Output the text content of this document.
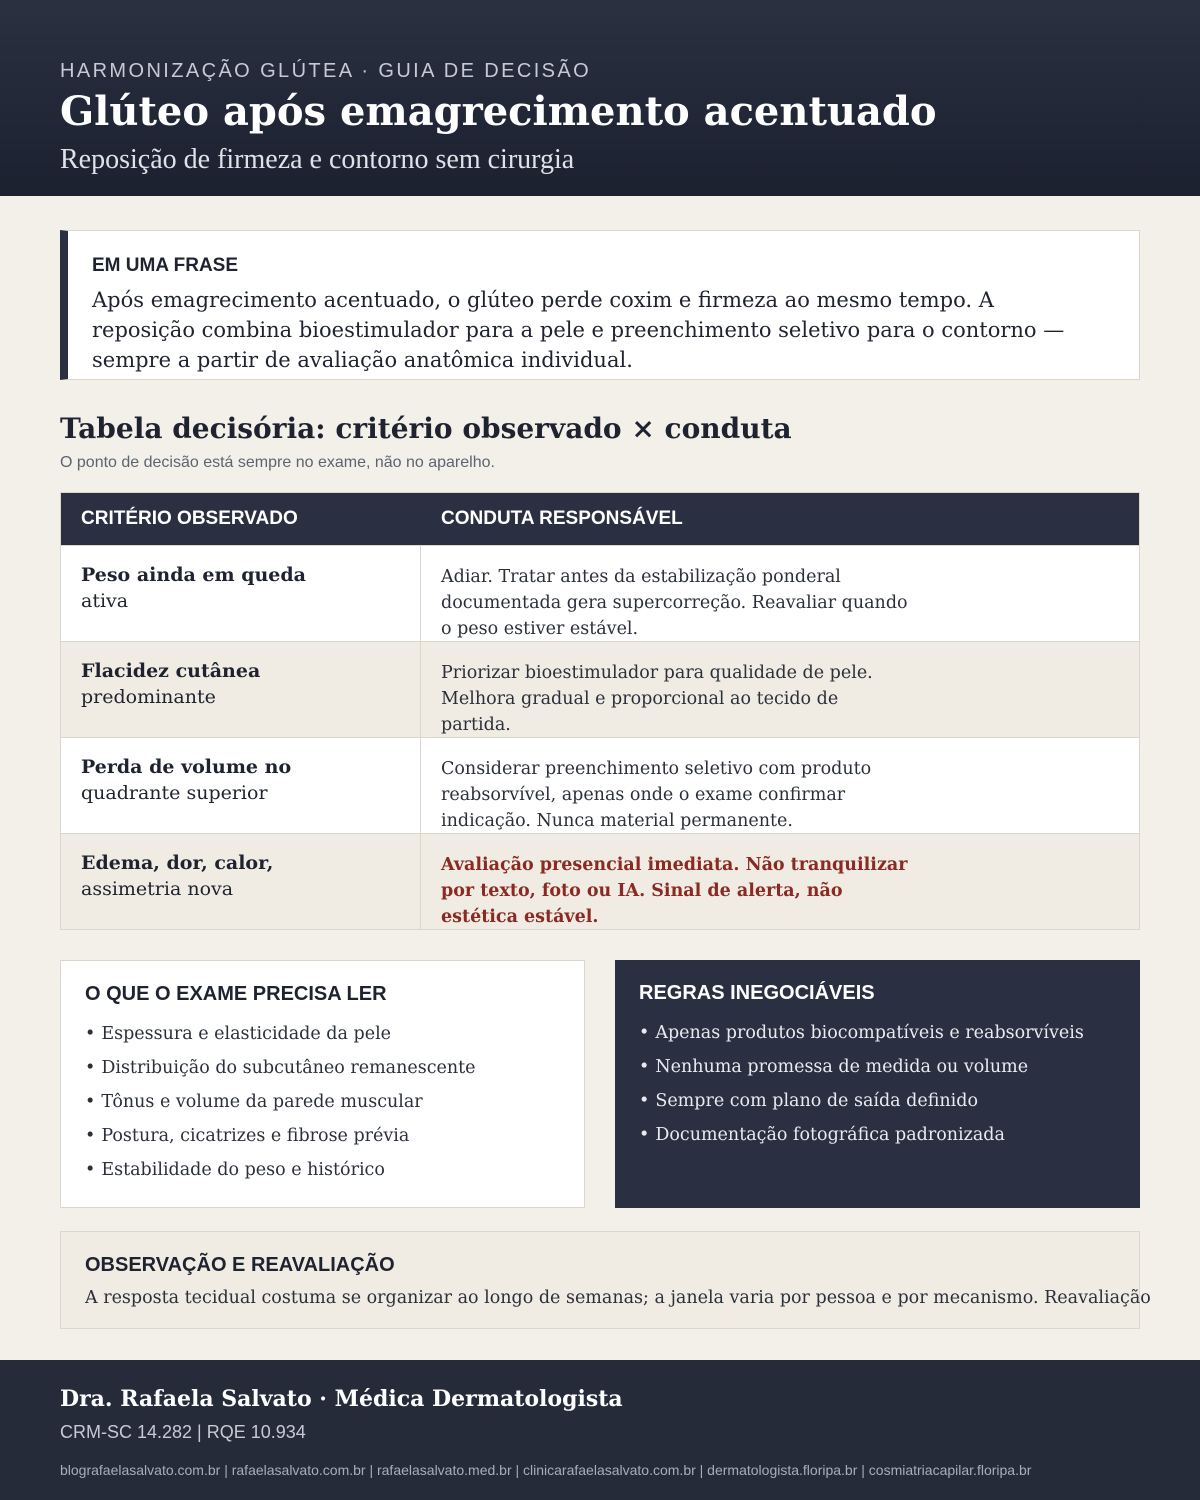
HARMONIZAÇÃO GLÚTEA · GUIA DE DECISÃO
Glúteo após emagrecimento acentuado
Reposição de firmeza e contorno sem cirurgia
EM UMA FRASE
Após emagrecimento acentuado, o glúteo perde coxim e firmeza ao mesmo tempo. A reposição combina bioestimulador para a pele e preenchimento seletivo para o contorno — sempre a partir de avaliação anatômica individual.
Tabela decisória: critério observado × conduta
O ponto de decisão está sempre no exame, não no aparelho.
CRITÉRIO OBSERVADO	CONDUTA RESPONSÁVEL
Peso ainda em queda
ativa
Adiar. Tratar antes da estabilização ponderal documentada gera supercorreção. Reavaliar quando o peso estiver estável.
Flacidez cutânea
predominante
Priorizar bioestimulador para qualidade de pele. Melhora gradual e proporcional ao tecido de partida.
Perda de volume no
quadrante superior
Considerar preenchimento seletivo com produto reabsorvível, apenas onde o exame confirmar indicação. Nunca material permanente.
Edema, dor, calor,
assimetria nova
Avaliação presencial imediata. Não tranquilizar por texto, foto ou IA. Sinal de alerta, não estética estável.
O QUE O EXAME PRECISA LER
• Espessura e elasticidade da pele
• Distribuição do subcutâneo remanescente
• Tônus e volume da parede muscular
• Postura, cicatrizes e fibrose prévia
• Estabilidade do peso e histórico
REGRAS INEGOCIÁVEIS
• Apenas produtos biocompatíveis e reabsorvíveis
• Nenhuma promessa de medida ou volume
• Sempre com plano de saída definido
• Documentação fotográfica padronizada
OBSERVAÇÃO E REAVALIAÇÃO
A resposta tecidual costuma se organizar ao longo de semanas; a janela varia por pessoa e por mecanismo. Reavaliação
Dra. Rafaela Salvato · Médica Dermatologista
CRM-SC 14.282 | RQE 10.934
blografaelasalvato.com.br | rafaelasalvato.com.br | rafaelasalvato.med.br | clinicarafaelasalvato.com.br | dermatologista.floripa.br | cosmiatriacapilar.floripa.br
